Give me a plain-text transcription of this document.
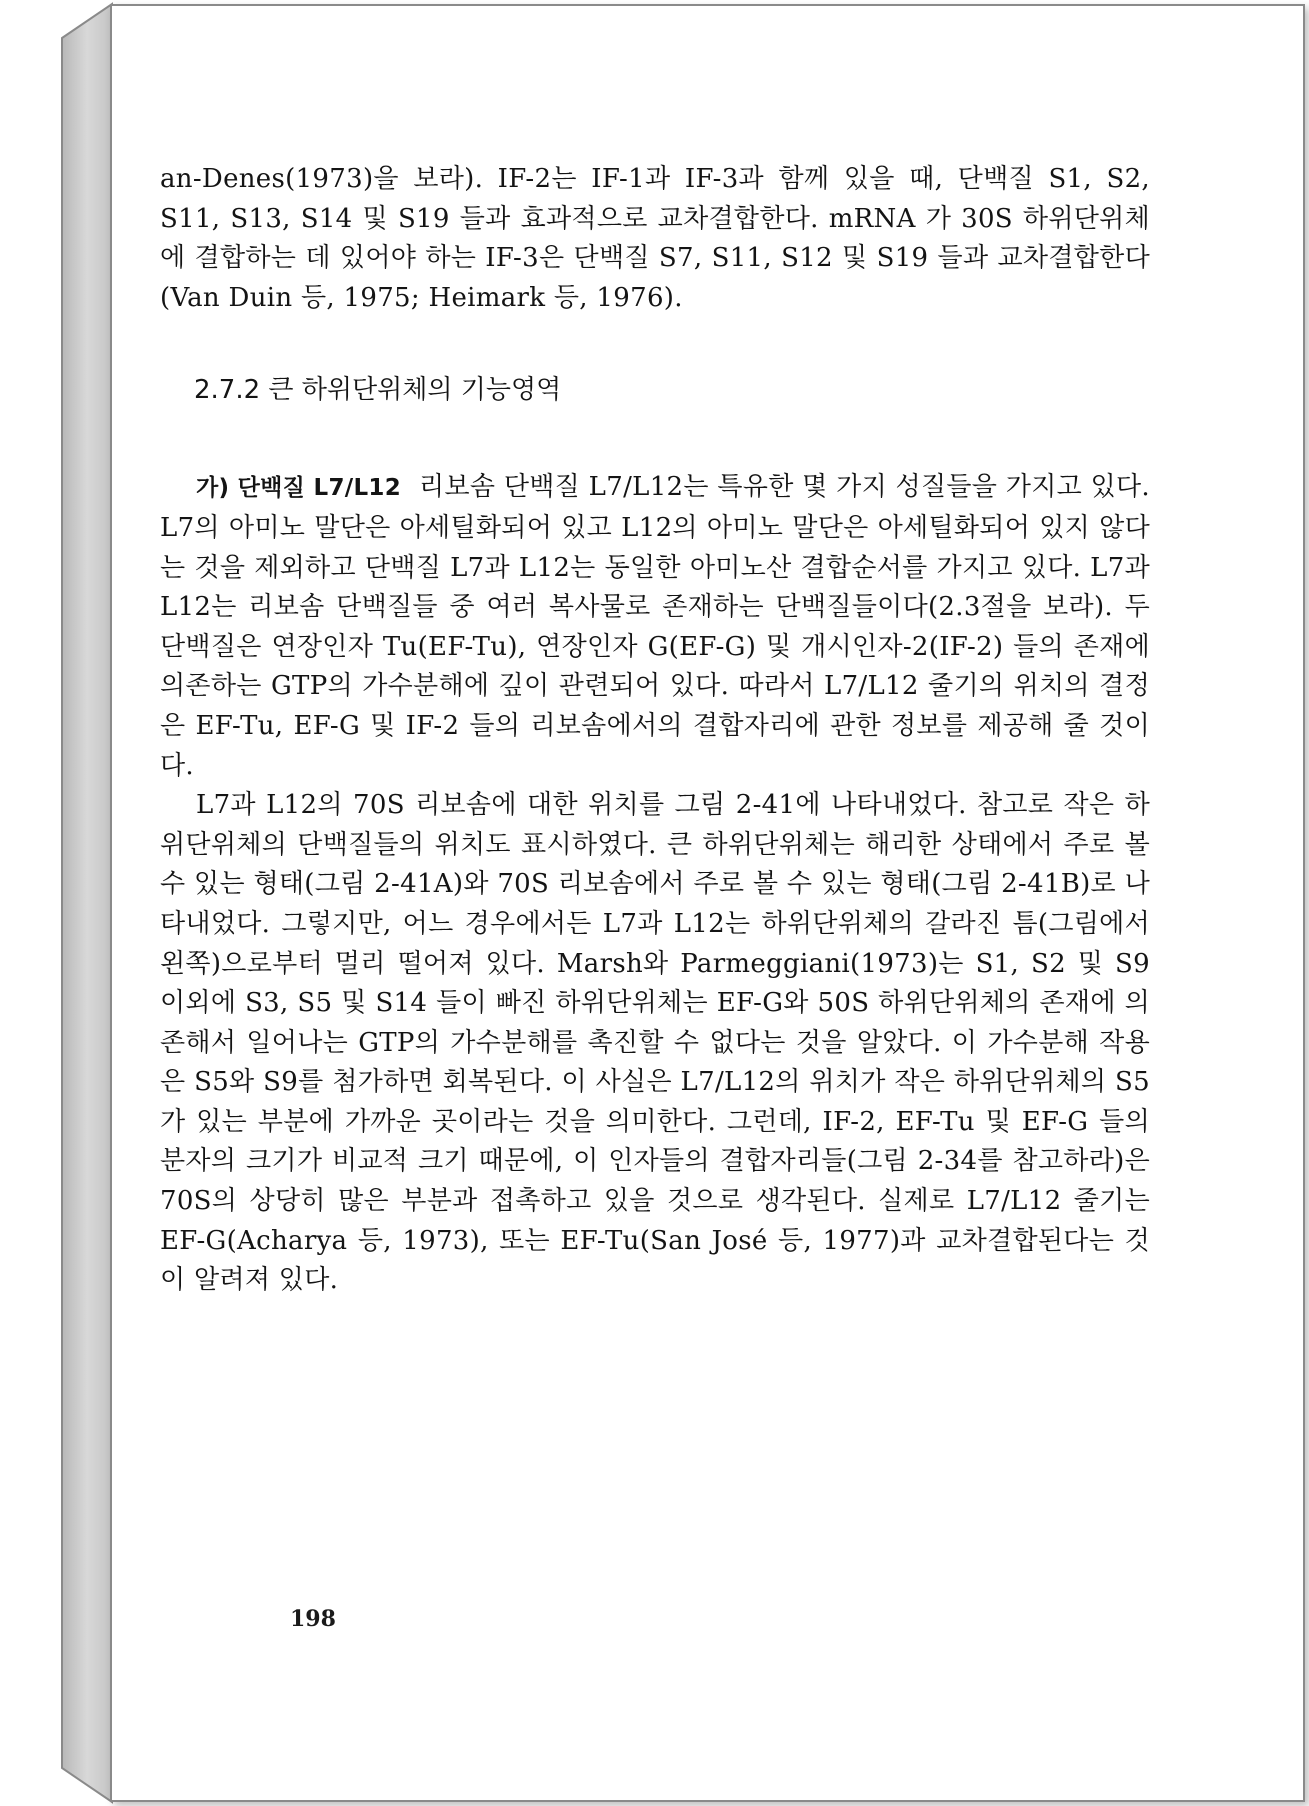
an-Denes(1973)을 보라). IF-2는 IF-1과 IF-3과 함께 있을 때, 단백질 S1, S2, S11, S13, S14 및 S19 들과 효과적으로 교차결합한다. mRNA 가 30S 하위단위체에 결합하는 데 있어야 하는 IF-3은 단백질 S7, S11, S12 및 S19 들과 교차결합한다(Van Duin 등, 1975; Heimark 등, 1976).

2.7.2 큰 하위단위체의 기능영역

가) 단백질 L7/L12 리보솜 단백질 L7/L12는 특유한 몇 가지 성질들을 가지고 있다. L7의 아미노 말단은 아세틸화되어 있고 L12의 아미노 말단은 아세틸화되어 있지 않다는 것을 제외하고 단백질 L7과 L12는 동일한 아미노산 결합순서를 가지고 있다. L7과 L12는 리보솜 단백질들 중 여러 복사물로 존재하는 단백질들이다(2.3절을 보라). 두 단백질은 연장인자 Tu(EF-Tu), 연장인자 G(EF-G) 및 개시인자-2(IF-2) 들의 존재에 의존하는 GTP의 가수분해에 깊이 관련되어 있다. 따라서 L7/L12 줄기의 위치의 결정은 EF-Tu, EF-G 및 IF-2 들의 리보솜에서의 결합자리에 관한 정보를 제공해 줄 것이다.

L7과 L12의 70S 리보솜에 대한 위치를 그림 2-41에 나타내었다. 참고로 작은 하위단위체의 단백질들의 위치도 표시하였다. 큰 하위단위체는 해리한 상태에서 주로 볼 수 있는 형태(그림 2-41A)와 70S 리보솜에서 주로 볼 수 있는 형태(그림 2-41B)로 나타내었다. 그렇지만, 어느 경우에서든 L7과 L12는 하위단위체의 갈라진 틈(그림에서 왼쪽)으로부터 멀리 떨어져 있다. Marsh와 Parmeggiani(1973)는 S1, S2 및 S9 이외에 S3, S5 및 S14 들이 빠진 하위단위체는 EF-G와 50S 하위단위체의 존재에 의존해서 일어나는 GTP의 가수분해를 촉진할 수 없다는 것을 알았다. 이 가수분해 작용은 S5와 S9를 첨가하면 회복된다. 이 사실은 L7/L12의 위치가 작은 하위단위체의 S5가 있는 부분에 가까운 곳이라는 것을 의미한다. 그런데, IF-2, EF-Tu 및 EF-G 들의 분자의 크기가 비교적 크기 때문에, 이 인자들의 결합자리들(그림 2-34를 참고하라)은 70S의 상당히 많은 부분과 접촉하고 있을 것으로 생각된다. 실제로 L7/L12 줄기는 EF-G(Acharya 등, 1973), 또는 EF-Tu(San José 등, 1977)과 교차결합된다는 것이 알려져 있다.

198
